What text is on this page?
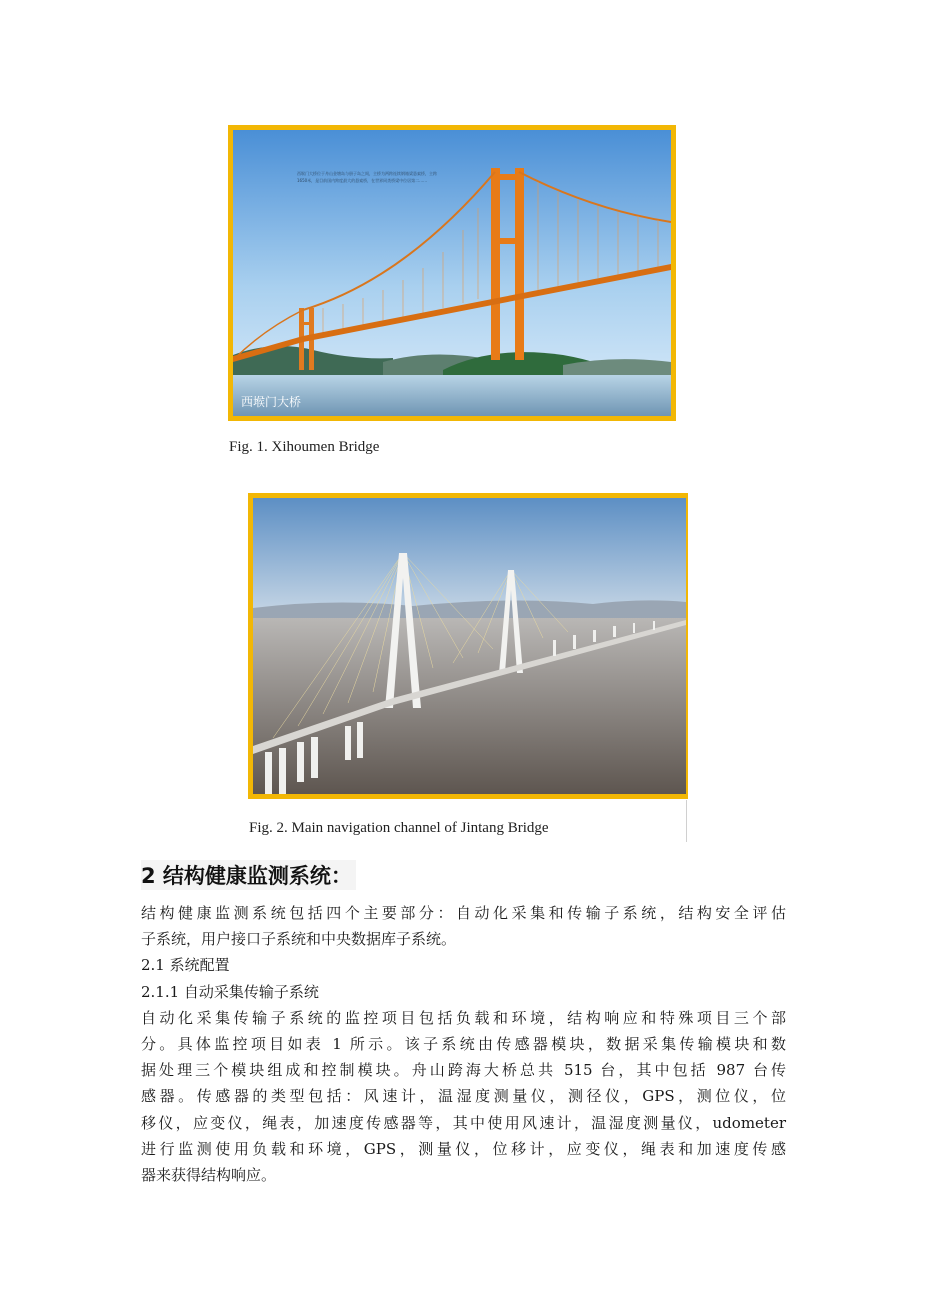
西堠门大桥位于舟山金塘岛与册子岛之间，主桥为两跨连续钢箱梁悬索桥，主跨1650米，是目前国内跨度最大的悬索桥，在世界同类桥梁中位居第二……
西堠门大桥
Fig. 1. Xihoumen Bridge
Fig. 2. Main navigation channel of Jintang Bridge
2 结构健康监测系统：
结构健康监测系统包括四个主要部分：自动化采集和传输子系统，结构安全评估
子系统，用户接口子系统和中央数据库子系统。
2.1 系统配置
2.1.1 自动采集传输子系统
自动化采集传输子系统的监控项目包括负载和环境，结构响应和特殊项目三个部
分。具体监控项目如表 1 所示。该子系统由传感器模块，数据采集传输模块和数
据处理三个模块组成和控制模块。舟山跨海大桥总共 515 台，其中包括 987 台传
感器。传感器的类型包括：风速计，温湿度测量仪，测径仪，GPS，测位仪，位
移仪，应变仪，绳表，加速度传感器等，其中使用风速计，温湿度测量仪，udometer
进行监测使用负载和环境，GPS，测量仪，位移计，应变仪，绳表和加速度传感
器来获得结构响应。
